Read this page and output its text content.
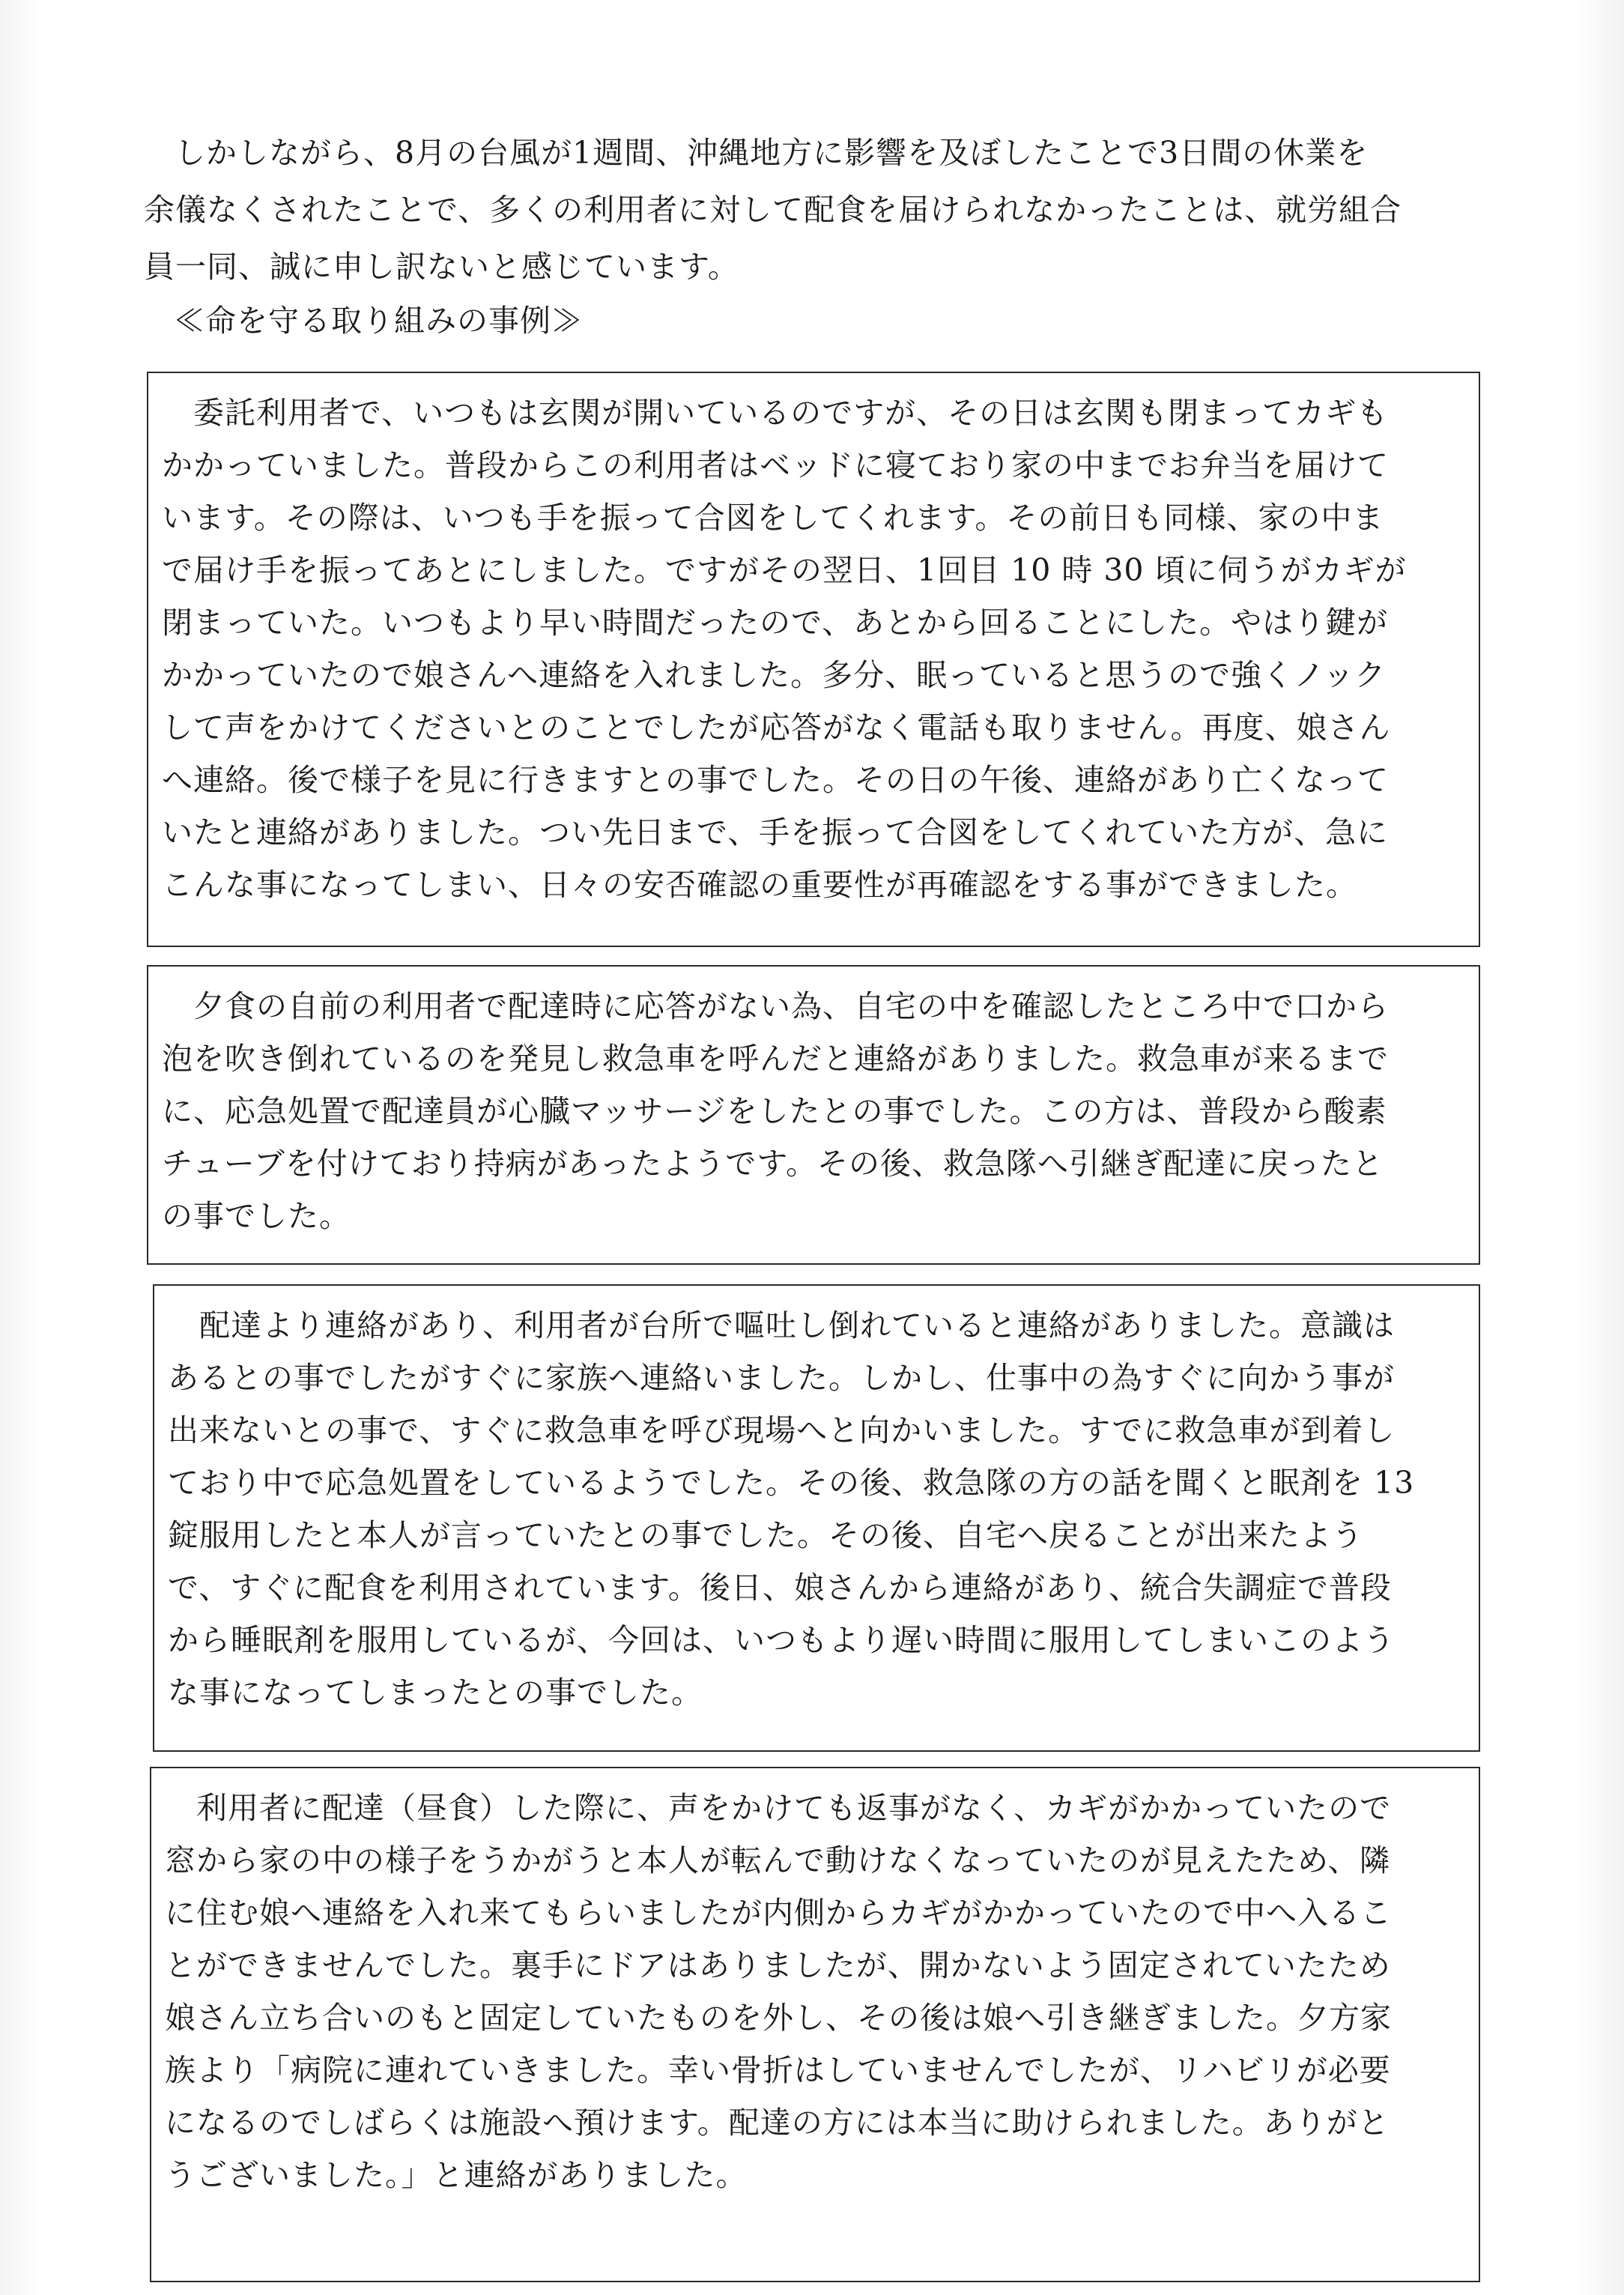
しかしながら、8月の台風が1週間、沖縄地方に影響を及ぼしたことで3日間の休業を
余儀なくされたことで、多くの利用者に対して配食を届けられなかったことは、就労組合
員一同、誠に申し訳ないと感じています。
≪命を守る取り組みの事例≫
委託利用者で、いつもは玄関が開いているのですが、その日は玄関も閉まってカギも
かかっていました。普段からこの利用者はベッドに寝ており家の中までお弁当を届けて
います。その際は、いつも手を振って合図をしてくれます。その前日も同様、家の中ま
で届け手を振ってあとにしました。ですがその翌日、1回目 10 時 30 頃に伺うがカギが
閉まっていた。いつもより早い時間だったので、あとから回ることにした。やはり鍵が
かかっていたので娘さんへ連絡を入れました。多分、眠っていると思うので強くノック
して声をかけてくださいとのことでしたが応答がなく電話も取りません。再度、娘さん
へ連絡。後で様子を見に行きますとの事でした。その日の午後、連絡があり亡くなって
いたと連絡がありました。つい先日まで、手を振って合図をしてくれていた方が、急に
こんな事になってしまい、日々の安否確認の重要性が再確認をする事ができました。
夕食の自前の利用者で配達時に応答がない為、自宅の中を確認したところ中で口から
泡を吹き倒れているのを発見し救急車を呼んだと連絡がありました。救急車が来るまで
に、応急処置で配達員が心臓マッサージをしたとの事でした。この方は、普段から酸素
チューブを付けており持病があったようです。その後、救急隊へ引継ぎ配達に戻ったと
の事でした。
配達より連絡があり、利用者が台所で嘔吐し倒れていると連絡がありました。意識は
あるとの事でしたがすぐに家族へ連絡いました。しかし、仕事中の為すぐに向かう事が
出来ないとの事で、すぐに救急車を呼び現場へと向かいました。すでに救急車が到着し
ており中で応急処置をしているようでした。その後、救急隊の方の話を聞くと眠剤を 13
錠服用したと本人が言っていたとの事でした。その後、自宅へ戻ることが出来たよう
で、すぐに配食を利用されています。後日、娘さんから連絡があり、統合失調症で普段
から睡眠剤を服用しているが、今回は、いつもより遅い時間に服用してしまいこのよう
な事になってしまったとの事でした。
利用者に配達（昼食）した際に、声をかけても返事がなく、カギがかかっていたので
窓から家の中の様子をうかがうと本人が転んで動けなくなっていたのが見えたため、隣
に住む娘へ連絡を入れ来てもらいましたが内側からカギがかかっていたので中へ入るこ
とができませんでした。裏手にドアはありましたが、開かないよう固定されていたため
娘さん立ち合いのもと固定していたものを外し、その後は娘へ引き継ぎました。夕方家
族より「病院に連れていきました。幸い骨折はしていませんでしたが、リハビリが必要
になるのでしばらくは施設へ預けます。配達の方には本当に助けられました。ありがと
うございました。」と連絡がありました。
